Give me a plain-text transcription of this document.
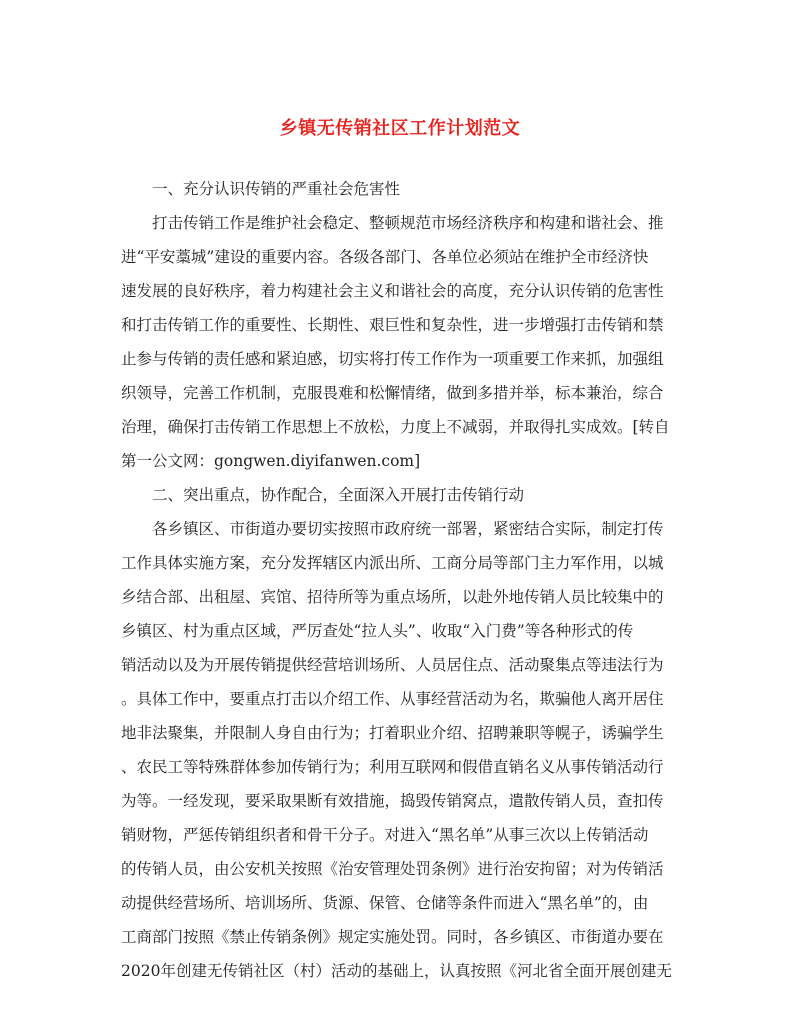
乡镇无传销社区工作计划范文
一、充分认识传销的严重社会危害性
打击传销工作是维护社会稳定、整顿规范市场经济秩序和构建和谐社会、推
进“平安藁城”建设的重要内容。各级各部门、各单位必须站在维护全市经济快
速发展的良好秩序，着力构建社会主义和谐社会的高度，充分认识传销的危害性
和打击传销工作的重要性、长期性、艰巨性和复杂性，进一步增强打击传销和禁
止参与传销的责任感和紧迫感，切实将打传工作作为一项重要工作来抓，加强组
织领导，完善工作机制，克服畏难和松懈情绪，做到多措并举，标本兼治，综合
治理，确保打击传销工作思想上不放松，力度上不减弱，并取得扎实成效。[转自
第一公文网：gongwen.diyifanwen.com]
二、突出重点，协作配合，全面深入开展打击传销行动
各乡镇区、市街道办要切实按照市政府统一部署，紧密结合实际，制定打传
工作具体实施方案，充分发挥辖区内派出所、工商分局等部门主力军作用，以城
乡结合部、出租屋、宾馆、招待所等为重点场所，以赴外地传销人员比较集中的
乡镇区、村为重点区域，严厉查处“拉人头”、收取“入门费”等各种形式的传
销活动以及为开展传销提供经营培训场所、人员居住点、活动聚集点等违法行为
。具体工作中，要重点打击以介绍工作、从事经营活动为名，欺骗他人离开居住
地非法聚集，并限制人身自由行为；打着职业介绍、招聘兼职等幌子，诱骗学生
、农民工等特殊群体参加传销行为；利用互联网和假借直销名义从事传销活动行
为等。一经发现，要采取果断有效措施，捣毁传销窝点，遣散传销人员，查扣传
销财物，严惩传销组织者和骨干分子。对进入“黑名单”从事三次以上传销活动
的传销人员，由公安机关按照《治安管理处罚条例》进行治安拘留；对为传销活
动提供经营场所、培训场所、货源、保管、仓储等条件而进入“黑名单”的，由
工商部门按照《禁止传销条例》规定实施处罚。同时，各乡镇区、市街道办要在
2020年创建无传销社区（村）活动的基础上，认真按照《河北省全面开展创建无
